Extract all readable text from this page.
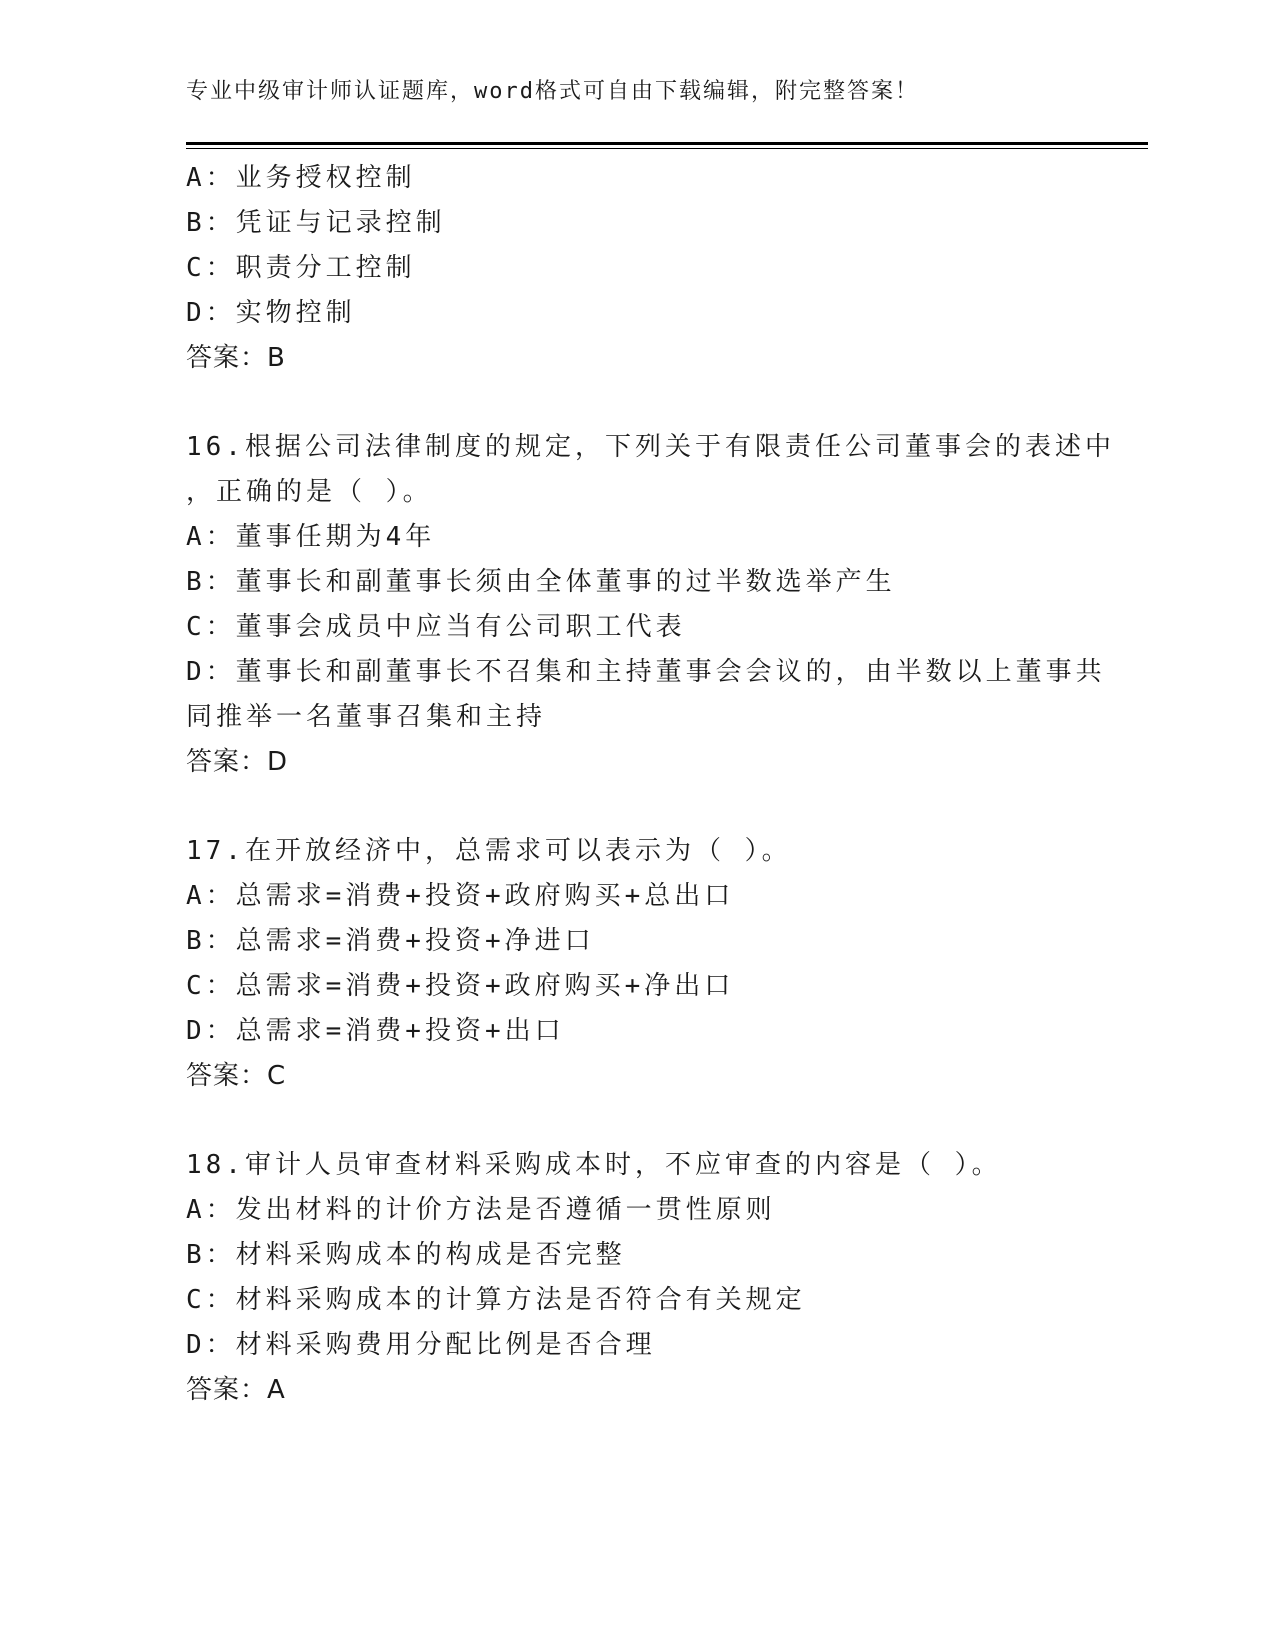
专业中级审计师认证题库，word格式可自由下载编辑，附完整答案！
A：业务授权控制
B：凭证与记录控制
C：职责分工控制
D：实物控制
答案：B
16.根据公司法律制度的规定，下列关于有限责任公司董事会的表述中
，正确的是（ ）。
A：董事任期为4年
B：董事长和副董事长须由全体董事的过半数选举产生
C：董事会成员中应当有公司职工代表
D：董事长和副董事长不召集和主持董事会会议的，由半数以上董事共
同推举一名董事召集和主持
答案：D
17.在开放经济中，总需求可以表示为（ ）。
A：总需求=消费+投资+政府购买+总出口
B：总需求=消费+投资+净进口
C：总需求=消费+投资+政府购买+净出口
D：总需求=消费+投资+出口
答案：C
18.审计人员审查材料采购成本时，不应审查的内容是（ ）。
A：发出材料的计价方法是否遵循一贯性原则
B：材料采购成本的构成是否完整
C：材料采购成本的计算方法是否符合有关规定
D：材料采购费用分配比例是否合理
答案：A
